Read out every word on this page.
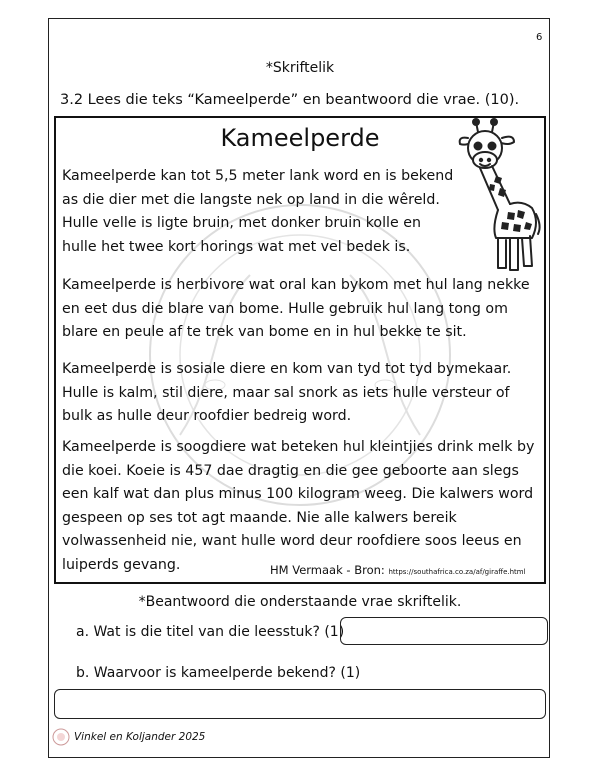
6
*Skriftelik
3.2 Lees die teks “Kameelperde” en beantwoord die vrae. (10).
Kameelperde
Kameelperde kan tot 5,5 meter lank word en is bekend as die dier met die langste nek op land in die wêreld. Hulle velle is ligte bruin, met donker bruin kolle en hulle het twee kort horings wat met vel bedek is.
Kameelperde is herbivore wat oral kan bykom met hul lang nekke en eet dus die blare van bome. Hulle gebruik hul lang tong om blare en peule af te trek van bome en in hul bekke te sit.
Kameelperde is sosiale diere en kom van tyd tot tyd bymekaar. Hulle is kalm, stil diere, maar sal snork as iets hulle versteur of bulk as hulle deur roofdier bedreig word.
Kameelperde is soogdiere wat beteken hul kleintjies drink melk by die koei. Koeie is 457 dae dragtig en die gee geboorte aan slegs een kalf wat dan plus minus 100 kilogram weeg. Die kalwers word gespeen op ses tot agt maande. Nie alle kalwers bereik volwassenheid nie, want hulle word deur roofdiere soos leeus en luiperds gevang.	HM Vermaak - Bron: https://southafrica.co.za/af/giraffe.html
*Beantwoord die onderstaande vrae skriftelik.
a. Wat is die titel van die leesstuk? (1)
b. Waarvoor is kameelperde bekend? (1)
Vinkel en Koljander 2025
